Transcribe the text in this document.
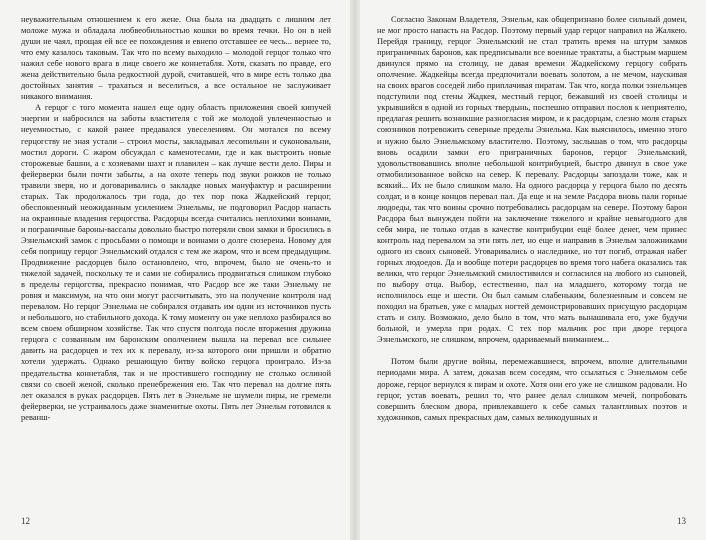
неуважительным отношением к его жене. Она была на двадцать с лишним лет моложе мужа и обладала любвеобильностью кошки во время течки. Но он в ней души не чаял, прощая ей все ее похождения и евнепо отставшее ее чесь... вернее то, что ему казалось таковым. Так что по всему выходило – молодой герцог только что нажил себе нового врага в лице своего же коннетабля. Хотя, сказать по правде, его жена действительно была редкостной дурой, считавшей, что в мире есть только два достойных занятия – трахаться и веселиться, а все остальное не заслуживает никакого внимания.

А герцог с того момента нашел еще одну область приложения своей кипучей энергии и набросился на заботы властителя с той же молодой увлеченностью и неуемностью, с какой ранее предавался увеселениям. Он мотался по всему герцогству не зная устали – строил мосты, закладывал лесопильни и суконовальни, мостил дороги. С жаром обсуждал с каменотесами, где и как выстроить новые сторожевые башни, а с хозяевами шахт и плавилен – как лучше вести дело. Пиры и фейерверки были почти забыты, а на охоте теперь под звуки рожков не только травили зверя, но и договаривались о закладке новых мануфактур и расширении старых. Так продолжалось три года, до тех пор пока Жадкейский герцог, обеспокоенный неожиданным усилением Эзнельмы, не подговорил Расдор напасть на окраинные владения герцогства. Расдорцы всегда считались неплохими воинами, и пограничные бароны-вассалы довольно быстро потеряли свои замки и бросились в Эзнельмский замок с просьбами о помощи и воинами о долге сюзерена. Новому для себя поприщу герцог Эзнельмский отдался с тем же жаром, что и всем предыдущим. Продвижение расдорцев было остановлено, что, впрочем, было не очень-то и тяжелой задачей, поскольку те и сами не собирались продвигаться слишком глубоко в пределы герцогства, прекрасно понимая, что Расдор все же таки Эзнельму не ровня и максимум, на что они могут рассчитывать, это на получение контроля над перевалом. Но герцог Эзнельма не собирался отдавать им одни из источников пусть и небольшого, но стабильного дохода. К тому моменту он уже неплохо разбирался во всем своем обширном хозяйстве. Так что спустя полгода после вторжения дружина герцога с созванным им баронским ополчением вышла на перевал все сильнее давить на расдорцев и тех их к перевалу, из-за которого они пришли и обратно хотели удержать. Однако решающую битву войско герцога проиграло. Из-за предательства коннетабля, так и не простившего господину не столько ослиной связи со своей женой, сколько пренебрежения ею. Так что перевал на долгие пять лет оказался в руках расдорцев. Пять лет в Эзнельме не шумели пиры, не гремели фейерверки, не устраивалось даже знаменитые охоты. Пять лет Эзнельм готовился к реванш-

Согласно Законам Владетеля, Эзнельм, как общепризнано более сильный домен, не мог просто напасть на Расдор. Поэтому первый удар герцог направил на Жалкею. Перейдя границу, герцог Эзнельмский не стал тратить время на штурм замков приграничных баронов, как предписывали все военные трактаты, а быстрым маршем двинулся прямо на столицу, не давая времени Жадкейскому герцогу собрать ополчение. Жадкейцы всегда предпочитали воевать золотом, а не мечом, наускивая на своих врагов соседей либо приплачивая пиратам. Так что, когда полки эзнельмцев подступили под стены Жадкея, местный герцог, бежавший из своей столицы и укрывшийся в одной из горных твердынь, поспешно отправил послов к неприятелю, предлагая решить возникшие разногласия миром, и к расдорцам, слезно моля старых союзников потревожить северные пределы Эзнельма. Как выяснилось, именно этого и нужно было Эзнельмскому властителю. Поэтому, заслышав о том, что расдорцы вновь осадили замки его приграничных баронов, герцог Эзнельмский, удовольствовавшись вполне небольшой контрибуцией, быстро двинул в свое уже отмобилизованное войско на север. К перевалу. Расдорцы запоздали тоже, как и всякий... Их не было слишком мало. На одного расдорца у герцога было по десять солдат, и в конце концов перевал пал. Да еще и на земле Расдора вновь пали горные людоеды, так что воины срочно потребовались расдорцам на севере. Поэтому барон Расдора был вынужден пойти на заключение тяжелого и крайне невыгодного для себя мира, не только отдав в качестве контрибуции ещё более денег, чем принес контроль над перевалом за эти пять лет, но еще и направив в Эзнельм заложниками одного из своих сыновей. Уговаривались о наследнике, но тот погиб, отражая набег горных людоедов. Да и вообще потери расдорцев во время того набега оказались так велики, что герцог Эзнельмский смилостивился и согласился на любого из сыновей, по выбору отца. Выбор, естественно, пал на младшего, которому тогда не исполнилось еще и шести. Он был самым слабеньким, болезненным и совсем не походил на братьев, уже с младых ногтей демонстрировавших присущую расдорцам стать и силу. Возможно, дело было в том, что мать вынашивала его, уже будучи больной, и умерла при родах. С тех пор мальчик рос при дворе герцога Эзнельмского, не слишком, впрочем, одариваемый вниманием...

Потом были другие войны, перемежавшиеся, впрочем, вполне длительными периодами мира. А затем, доказав всем соседям, что ссылаться с Эзнельмом себе дороже, герцог вернулся к пирам и охоте. Хотя они его уже не слишком радовали. Но герцог, устав воевать, решил то, что ранее делал слишком мечей, попробовать совершить блеском двора, привлекавшего к себе самых талантливых поэтов и художников, самых прекрасных дам, самых великодушных и

12	13
